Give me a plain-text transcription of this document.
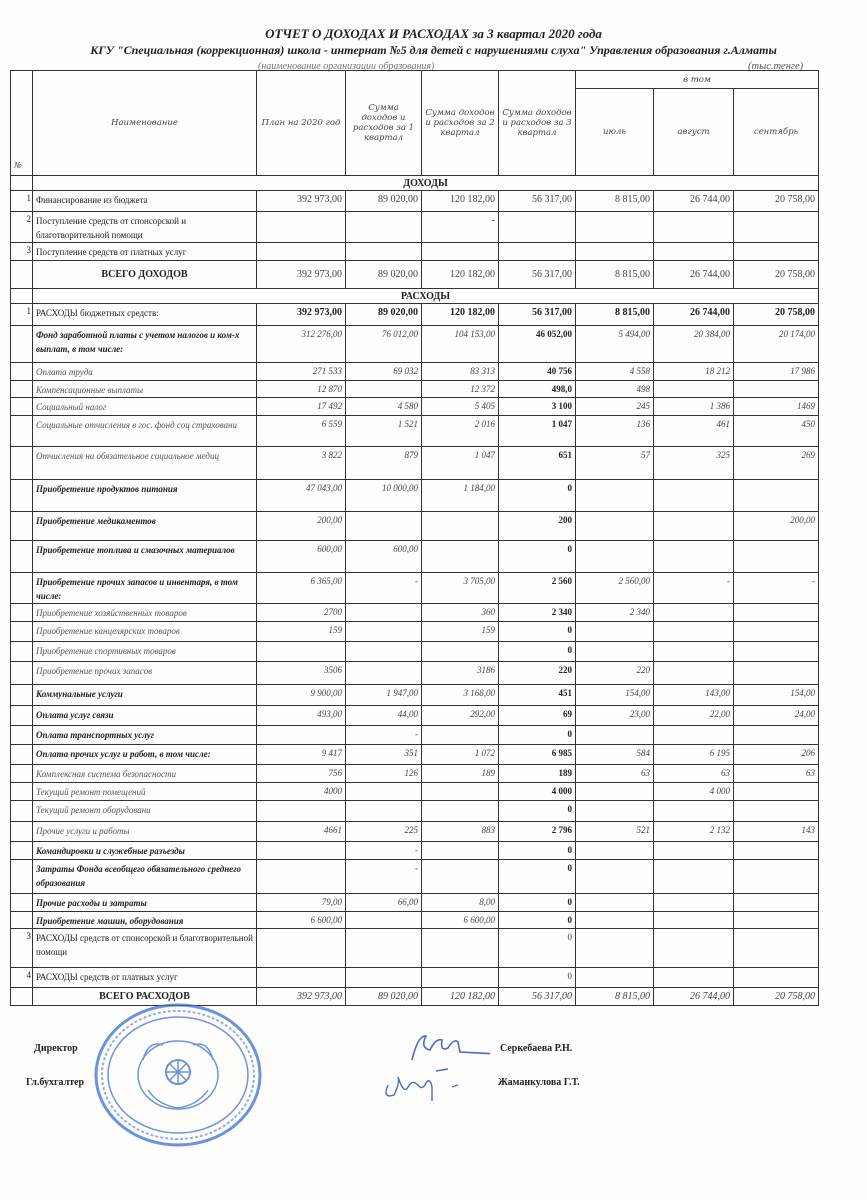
ОТЧЕТ О ДОХОДАХ И РАСХОДАХ за 3 квартал 2020 года
КГУ "Специальная (коррекционная) школа - интернат №5 для детей с нарушениями слуха" Управления образования г.Алматы
(наименование организации образования)	(тыс.тенге)
№	Наименование	План на 2020 год	Сумма доходов и расходов за 1 квартал	Сумма доходов и расходов за 2 квартал	Сумма доходов и расходов за 3 квартал	в том		
						июль	август	сентябрь
	ДОХОДЫ							
1	Финансирование из бюджета	392 973,00	89 020,00	120 182,00	56 317,00	8 815,00	26 744,00	20 758,00
2	Поступление средств от спонсорской и благотворительной помощи			-				
3	Поступление средств от платных услуг							
	ВСЕГО ДОХОДОВ	392 973,00	89 020,00	120 182,00	56 317,00	8 815,00	26 744,00	20 758,00
	РАСХОДЫ							
1	РАСХОДЫ бюджетных средств:	392 973,00	89 020,00	120 182,00	56 317,00	8 815,00	26 744,00	20 758,00
	Фонд заработной платы с учетом налогов и ком-х выплат, в том числе:	312 276,00	76 012,00	104 153,00	46 052,00	5 494,00	20 384,00	20 174,00
	Оплата труда	271 533	69 032	83 313	40 756	4 558	18 212	17 986
	Компенсационные выплаты	12 870		12 372	498,0	498		
	Социальный налог	17 492	4 580	5 405	3 100	245	1 386	1469
	Социальные отчисления в гос. фонд соц страховани	6 559	1 521	2 016	1 047	136	461	450
	Отчисления на обязательное социальное медиц	3 822	879	1 047	651	57	325	269
	Приобретение продуктов питания	47 043,00	10 000,00	1 184,00	0			
	Приобретение медикаментов	200,00			200			200,00
	Приобретение топлива и смазочных материалов	600,00	600,00		0			
	Приобретение прочих запасов и инвентаря, в том числе:	6 365,00	-	3 705,00	2 560	2 560,00	-	-
	Приобретение хозяйственных товаров	2700		360	2 340	2 340		
	Приобретение канцелярских товаров	159		159	0			
	Приобретение спортивных товаров				0			
	Приобретение прочих запасов	3506		3186	220	220		
	Коммунальные услуги	9 900,00	1 947,00	3 168,00	451	154,00	143,00	154,00
	Оплата услуг связи	493,00	44,00	292,00	69	23,00	22,00	24,00
	Оплата транспортных услуг		-		0			
	Оплата прочих услуг и работ, в том числе:	9 417	351	1 072	6 985	584	6 195	206
	Комплексная система безопасности	756	126	189	189	63	63	63
	Текущий ремонт помещений	4000			4 000		4 000	
	Текущий ремонт оборудовани				0			
	Прочие услуги и работы	4661	225	883	2 796	521	2 132	143
	Командировки и служебные разъезды		-		0			
	Затраты Фонда всеобщего обязательного среднего образования		-		0			
	Прочие расходы и затраты	79,00	66,00	8,00	0			
	Приобретение машин, оборудования	6 600,00		6 600,00	0			
3	РАСХОДЫ средств от спонсорской и благотворительной помощи				0			
4	РАСХОДЫ средств от платных услуг				0			
	ВСЕГО РАСХОДОВ	392 973,00	89 020,00	120 182,00	56 317,00	8 815,00	26 744,00	20 758,00
Директор	Серкебаева Р.Н.
Гл.бухгалтер	Жаманкулова Г.Т.
